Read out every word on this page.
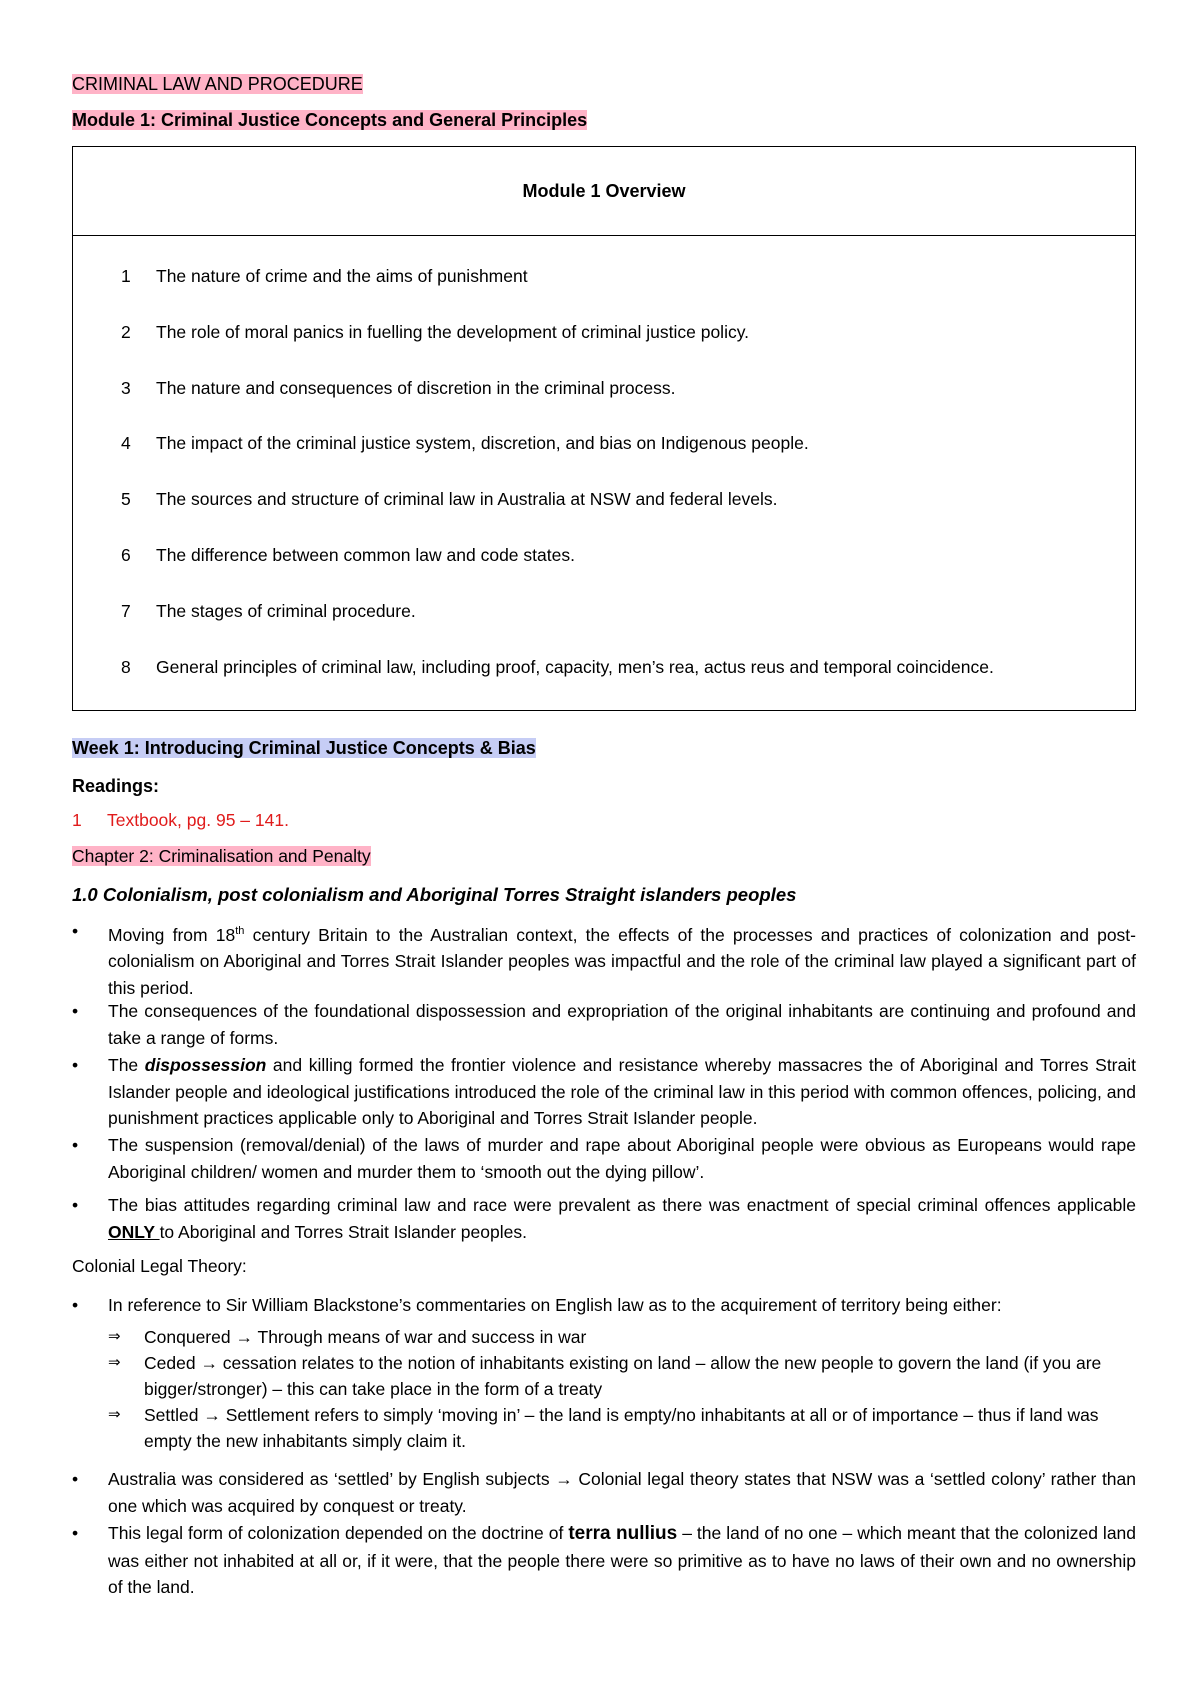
CRIMINAL LAW AND PROCEDURE
Module 1: Criminal Justice Concepts and General Principles
Module 1 Overview
1 The nature of crime and the aims of punishment
2 The role of moral panics in fuelling the development of criminal justice policy.
3 The nature and consequences of discretion in the criminal process.
4 The impact of the criminal justice system, discretion, and bias on Indigenous people.
5 The sources and structure of criminal law in Australia at NSW and federal levels.
6 The difference between common law and code states.
7 The stages of criminal procedure.
8 General principles of criminal law, including proof, capacity, men’s rea, actus reus and temporal coincidence.
Week 1: Introducing Criminal Justice Concepts & Bias
Readings:
1 Textbook, pg. 95 – 141.
Chapter 2: Criminalisation and Penalty
1.0 Colonialism, post colonialism and Aboriginal Torres Straight islanders peoples
• Moving from 18th century Britain to the Australian context, the effects of the processes and practices of colonization and post-colonialism on Aboriginal and Torres Strait Islander peoples was impactful and the role of the criminal law played a significant part of this period.
• The consequences of the foundational dispossession and expropriation of the original inhabitants are continuing and profound and take a range of forms.
• The dispossession and killing formed the frontier violence and resistance whereby massacres the of Aboriginal and Torres Strait Islander people and ideological justifications introduced the role of the criminal law in this period with common offences, policing, and punishment practices applicable only to Aboriginal and Torres Strait Islander people.
• The suspension (removal/denial) of the laws of murder and rape about Aboriginal people were obvious as Europeans would rape Aboriginal children/ women and murder them to ‘smooth out the dying pillow’.
• The bias attitudes regarding criminal law and race were prevalent as there was enactment of special criminal offences applicable ONLY to Aboriginal and Torres Strait Islander peoples.
Colonial Legal Theory:
• In reference to Sir William Blackstone’s commentaries on English law as to the acquirement of territory being either:
⇒ Conquered → Through means of war and success in war
⇒ Ceded → cessation relates to the notion of inhabitants existing on land – allow the new people to govern the land (if you are bigger/stronger) – this can take place in the form of a treaty
⇒ Settled → Settlement refers to simply ‘moving in’ – the land is empty/no inhabitants at all or of importance – thus if land was empty the new inhabitants simply claim it.
• Australia was considered as ‘settled’ by English subjects → Colonial legal theory states that NSW was a ‘settled colony’ rather than one which was acquired by conquest or treaty.
• This legal form of colonization depended on the doctrine of terra nullius – the land of no one – which meant that the colonized land was either not inhabited at all or, if it were, that the people there were so primitive as to have no laws of their own and no ownership of the land.
